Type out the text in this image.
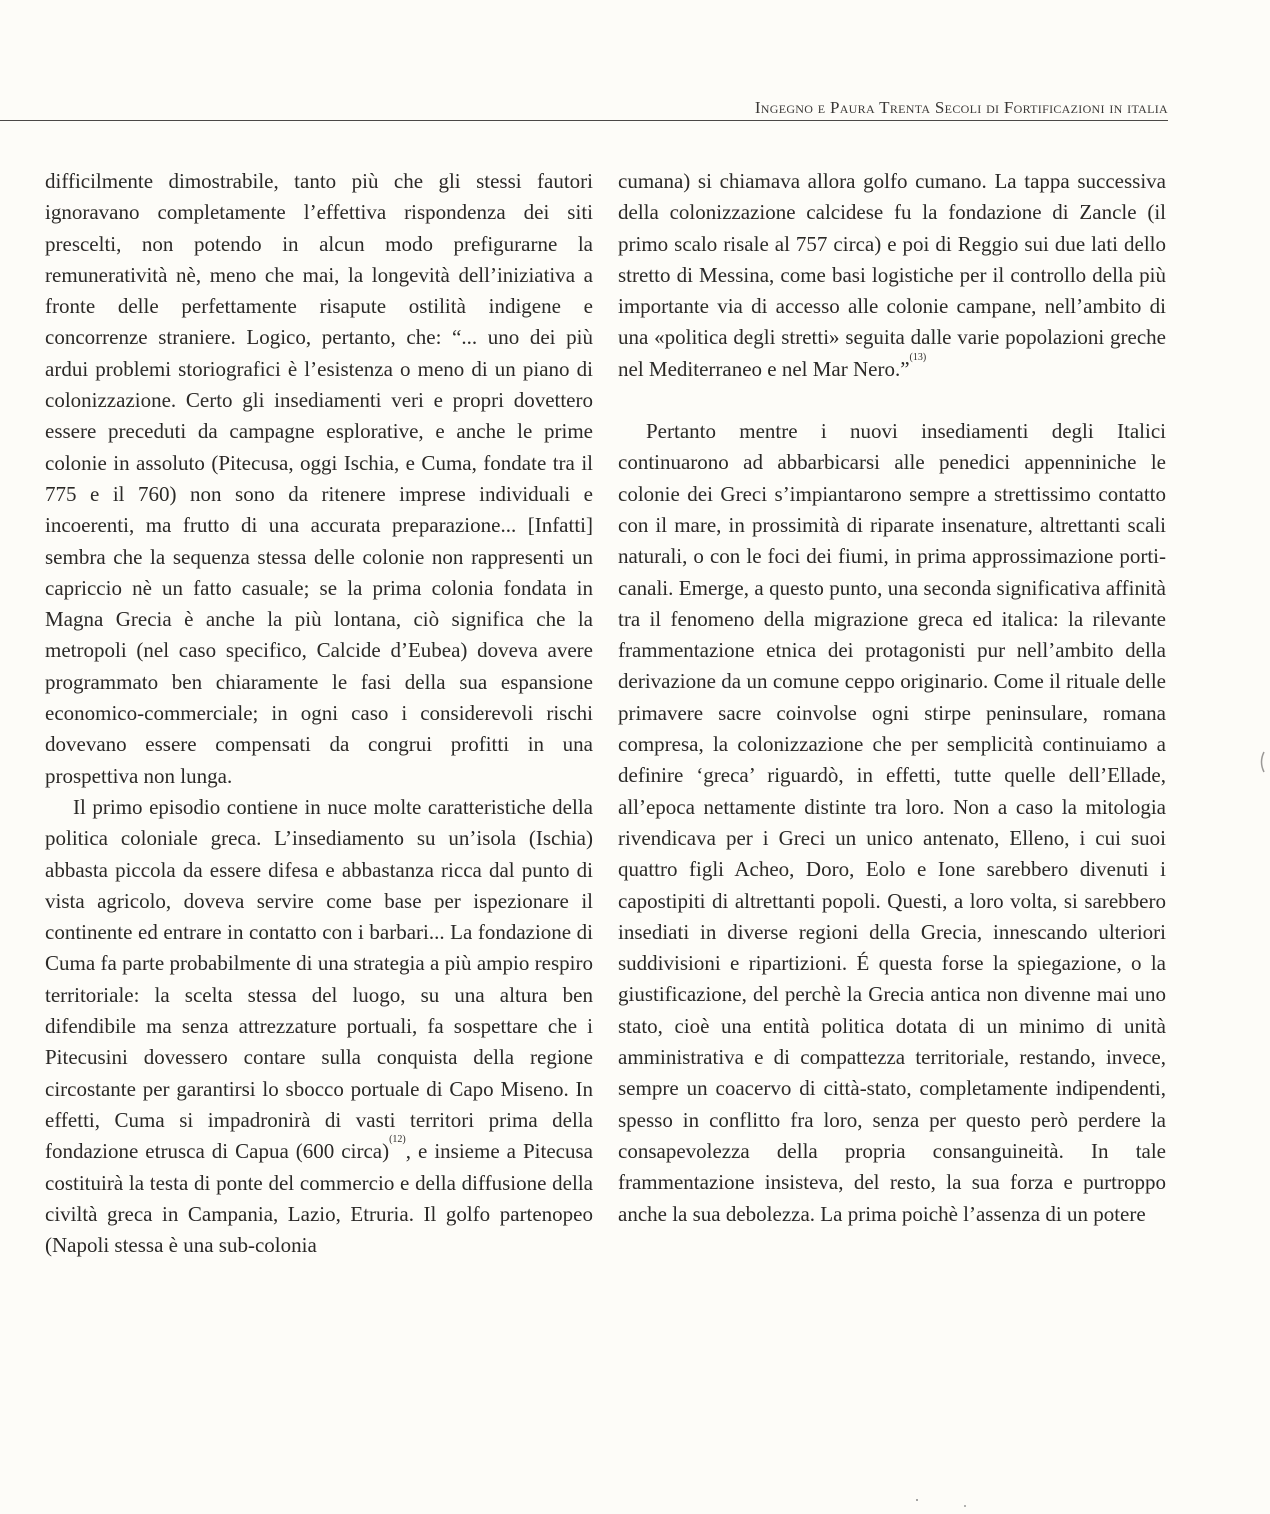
Ingegno e Paura Trenta Secoli di Fortificazioni in italia

difficilmente dimostrabile, tanto più che gli stessi fautori ignoravano completamente l’effettiva rispondenza dei siti prescelti, non potendo in alcun modo prefigurarne la remuneratività nè, meno che mai, la longevità dell’iniziativa a fronte delle perfettamente risapute ostilità indigene e concorrenze straniere. Logico, pertanto, che: “... uno dei più ardui problemi storiografici è l’esistenza o meno di un piano di colonizzazione. Certo gli insediamenti veri e propri dovettero essere preceduti da campagne esplorative, e anche le prime colonie in assoluto (Pitecusa, oggi Ischia, e Cuma, fondate tra il 775 e il 760) non sono da ritenere imprese individuali e incoerenti, ma frutto di una accurata preparazione... [Infatti] sembra che la sequenza stessa delle colonie non rappresenti un capriccio nè un fatto casuale; se la prima colonia fondata in Magna Grecia è anche la più lontana, ciò significa che la metropoli (nel caso specifico, Calcide d’Eubea) doveva avere programmato ben chiaramente le fasi della sua espansione economico-commerciale; in ogni caso i considerevoli rischi dovevano essere compensati da congrui profitti in una prospettiva non lunga.

Il primo episodio contiene in nuce molte caratteristiche della politica coloniale greca. L’insediamento su un’isola (Ischia) abbasta piccola da essere difesa e abbastanza ricca dal punto di vista agricolo, doveva servire come base per ispezionare il continente ed entrare in contatto con i barbari... La fondazione di Cuma fa parte probabilmente di una strategia a più ampio respiro territoriale: la scelta stessa del luogo, su una altura ben difendibile ma senza attrezzature portuali, fa sospettare che i Pitecusini dovessero contare sulla conquista della regione circostante per garantirsi lo sbocco portuale di Capo Miseno. In effetti, Cuma si impadronirà di vasti territori prima della fondazione etrusca di Capua (600 circa)$^{(12)}$, e insieme a Pitecusa costituirà la testa di ponte del commercio e della diffusione della civiltà greca in Campania, Lazio, Etruria. Il golfo partenopeo (Napoli stessa è una sub-colonia

cumana) si chiamava allora golfo cumano. La tappa successiva della colonizzazione calcidese fu la fondazione di Zancle (il primo scalo risale al 757 circa) e poi di Reggio sui due lati dello stretto di Messina, come basi logistiche per il controllo della più importante via di accesso alle colonie campane, nell’ambito di una «politica degli stretti» seguita dalle varie popolazioni greche nel Mediterraneo e nel Mar Nero.”$^{(13)}$

Pertanto mentre i nuovi insediamenti degli Italici continuarono ad abbarbicarsi alle penedici appenniniche le colonie dei Greci s’impiantarono sempre a strettissimo contatto con il mare, in prossimità di riparate insenature, altrettanti scali naturali, o con le foci dei fiumi, in prima approssimazione porti-canali. Emerge, a questo punto, una seconda significativa affinità tra il fenomeno della migrazione greca ed italica: la rilevante frammentazione etnica dei protagonisti pur nell’ambito della derivazione da un comune ceppo originario. Come il rituale delle primavere sacre coinvolse ogni stirpe peninsulare, romana compresa, la colonizzazione che per semplicità continuiamo a definire ‘greca’ riguardò, in effetti, tutte quelle dell’Ellade, all’epoca nettamente distinte tra loro. Non a caso la mitologia rivendicava per i Greci un unico antenato, Elleno, i cui suoi quattro figli Acheo, Doro, Eolo e Ione sarebbero divenuti i capostipiti di altrettanti popoli. Questi, a loro volta, si sarebbero insediati in diverse regioni della Grecia, innescando ulteriori suddivisioni e ripartizioni. É questa forse la spiegazione, o la giustificazione, del perchè la Grecia antica non divenne mai uno stato, cioè una entità politica dotata di un minimo di unità amministrativa e di compattezza territoriale, restando, invece, sempre un coacervo di città-stato, completamente indipendenti, spesso in conflitto fra loro, senza per questo però perdere la consapevolezza della propria consanguineità. In tale frammentazione insisteva, del resto, la sua forza e purtroppo anche la sua debolezza. La prima poichè l’assenza di un potere
